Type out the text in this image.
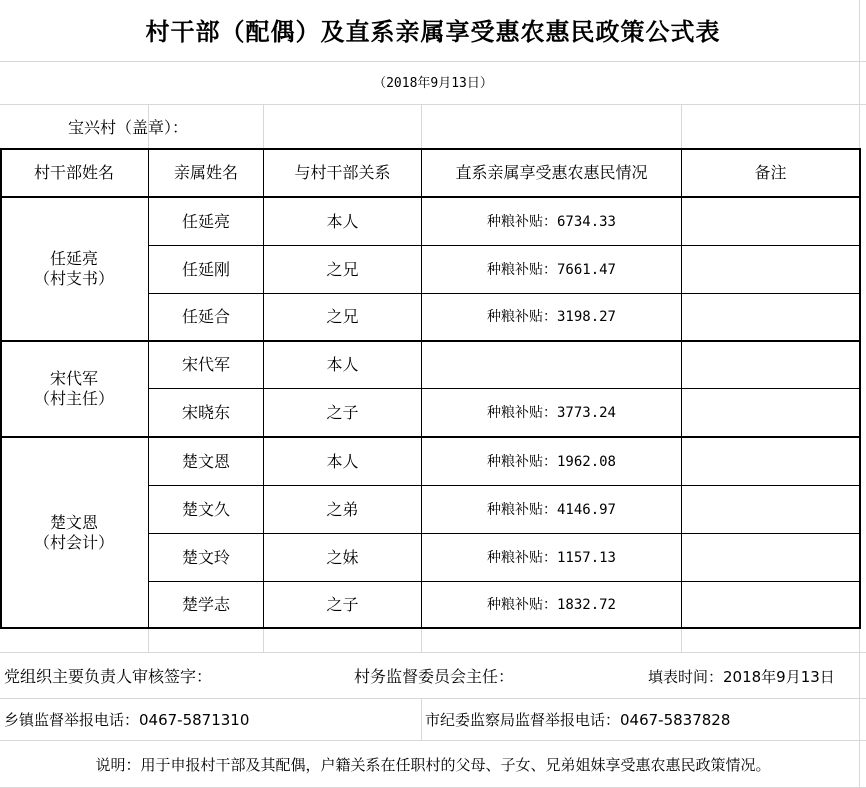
村干部（配偶）及直系亲属享受惠农惠民政策公式表
（2018年9月13日）
宝兴村（盖章）：
村干部姓名	亲属姓名	与村干部关系	直系亲属享受惠农惠民情况	备注
任延亮
（村支书）
任延亮	本人	种粮补贴：6734.33
任延刚	之兄	种粮补贴：7661.47
任延合	之兄	种粮补贴：3198.27
宋代军
（村主任）
宋代军	本人
宋晓东	之子	种粮补贴：3773.24
楚文恩
（村会计）
楚文恩	本人	种粮补贴：1962.08
楚文久	之弟	种粮补贴：4146.97
楚文玲	之妹	种粮补贴：1157.13
楚学志	之子	种粮补贴：1832.72
党组织主要负责人审核签字：	村务监督委员会主任：	填表时间：2018年9月13日
乡镇监督举报电话：0467-5871310	市纪委监察局监督举报电话：0467-5837828
说明：用于申报村干部及其配偶，户籍关系在任职村的父母、子女、兄弟姐妹享受惠农惠民政策情况。
